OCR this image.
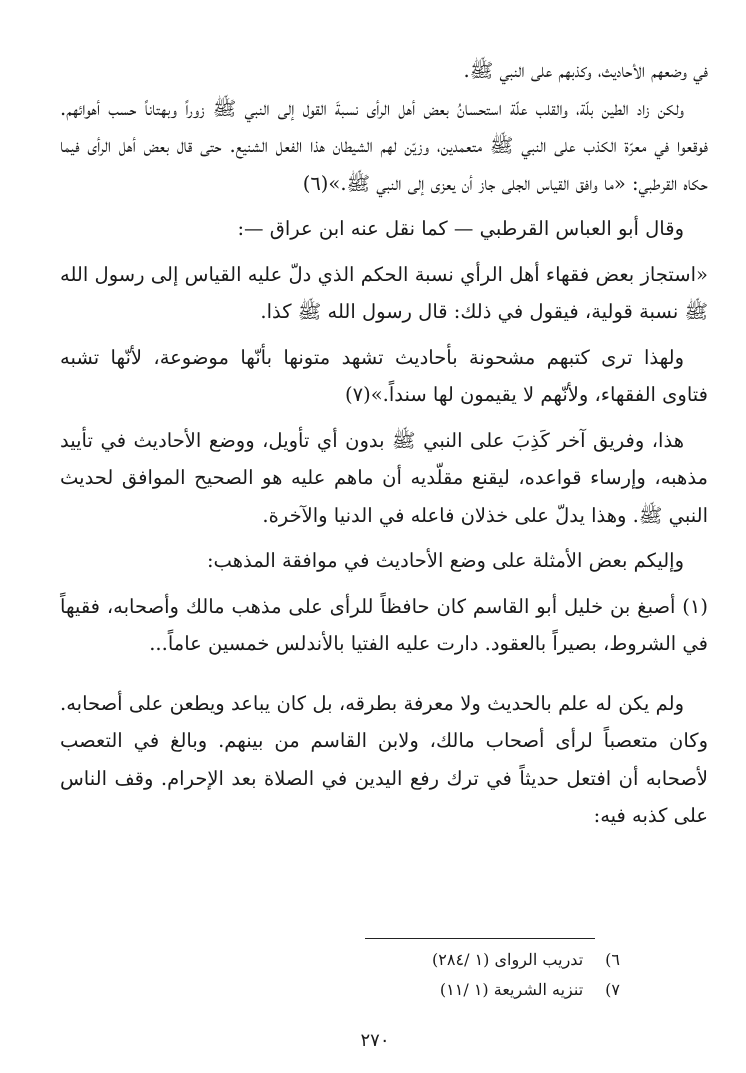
في وضعهم الأحاديث، وكذبهم على النبي ﷺ.

ولكن زاد الطين بلّة، والقلب علّة استحسانُ بعض أهل الرأى نسبةَ القول إلى النبي ﷺ زوراً وبهتاناً حسب أهوائهم. فوقعوا في معرّة الكذب على النبي ﷺ متعمدين، وزيّن لهم الشيطان هذا الفعل الشنيع. حتى قال بعض أهل الرأى فيما حكاه القرطبي: «ما وافق القياس الجلى جاز أن يعزى إلى النبي ﷺ.»(٦)

وقال أبو العباس القرطبي — كما نقل عنه ابن عراق —:

«استجاز بعض فقهاء أهل الرأي نسبة الحكم الذي دلّ عليه القياس إلى رسول الله ﷺ نسبة قولية، فيقول في ذلك: قال رسول الله ﷺ كذا.

ولهذا ترى كتبهم مشحونة بأحاديث تشهد متونها بأنّها موضوعة، لأنّها تشبه فتاوى الفقهاء، ولأنّهم لا يقيمون لها سنداً.»(٧)

هذا، وفريق آخر كَذِبَ على النبي ﷺ بدون أي تأويل، ووضع الأحاديث في تأييد مذهبه، وإرساء قواعده، ليقنع مقلّديه أن ماهم عليه هو الصحيح الموافق لحديث النبي ﷺ. وهذا يدلّ على خذلان فاعله في الدنيا والآخرة.

وإليكم بعض الأمثلة على وضع الأحاديث في موافقة المذهب:

(١) أصبغ بن خليل أبو القاسم كان حافظاً للرأى على مذهب مالك وأصحابه، فقيهاً في الشروط، بصيراً بالعقود. دارت عليه الفتيا بالأندلس خمسين عاماً...

ولم يكن له علم بالحديث ولا معرفة بطرقه، بل كان يباعد ويطعن على أصحابه. وكان متعصباً لرأى أصحاب مالك، ولابن القاسم من بينهم. وبالغ في التعصب لأصحابه أن افتعل حديثاً في ترك رفع اليدين في الصلاة بعد الإحرام. وقف الناس على كذبه فيه:

٦)
تدريب الرواى (١ /٢٨٤)
٧)
تنزيه الشريعة (١ /١١)
٢٧٠
